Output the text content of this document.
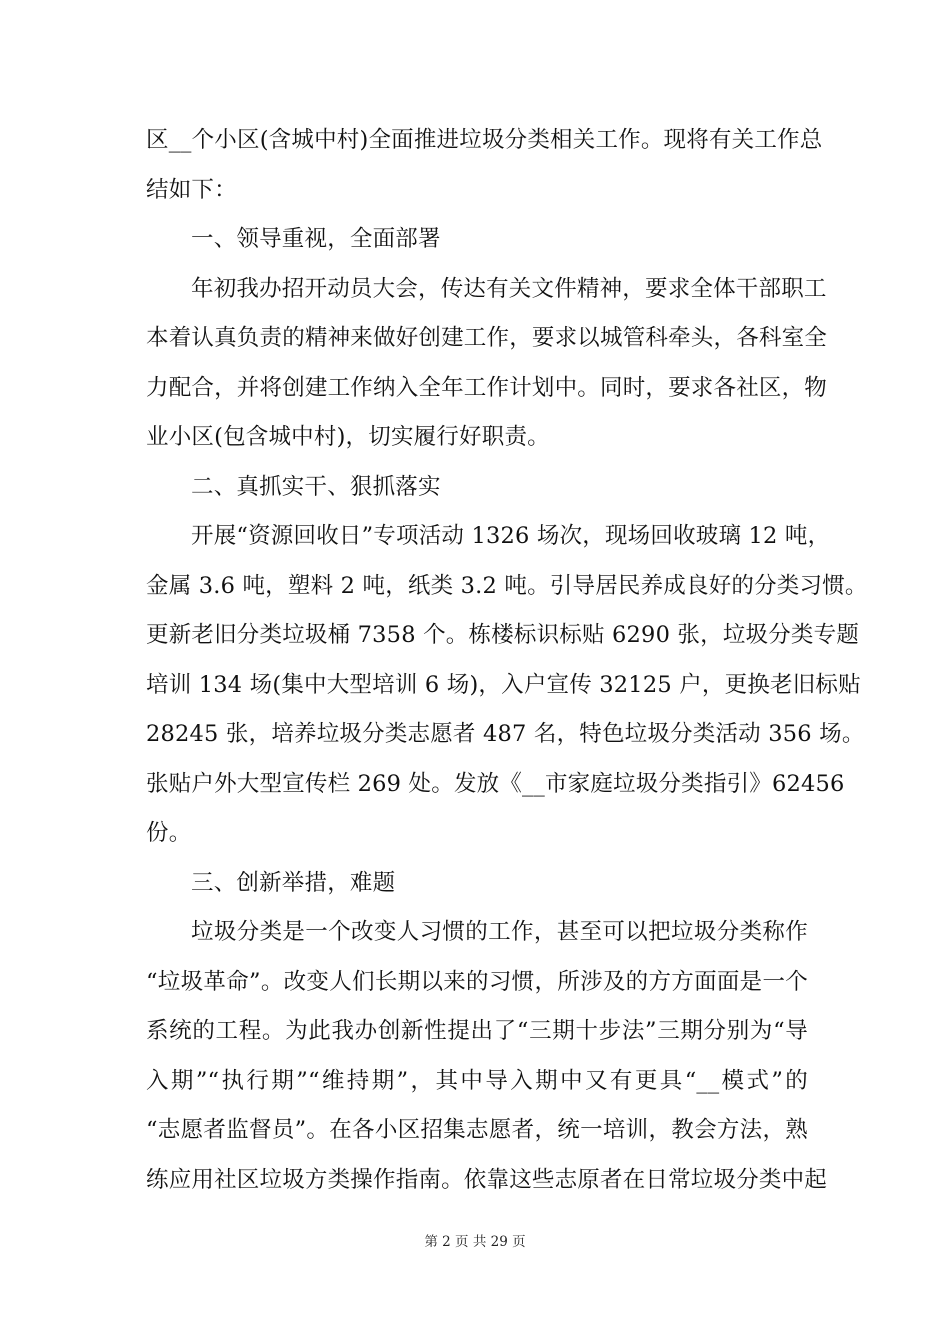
区__个小区(含城中村)全面推进垃圾分类相关工作。现将有关工作总
结如下：
一、领导重视，全面部署
年初我办招开动员大会，传达有关文件精神，要求全体干部职工
本着认真负责的精神来做好创建工作，要求以城管科牵头，各科室全
力配合，并将创建工作纳入全年工作计划中。同时，要求各社区，物
业小区(包含城中村)，切实履行好职责。
二、真抓实干、狠抓落实
开展“资源回收日”专项活动 1326 场次，现场回收玻璃 12 吨，
金属 3.6 吨，塑料 2 吨，纸类 3.2 吨。引导居民养成良好的分类习惯。
更新老旧分类垃圾桶 7358 个。栋楼标识标贴 6290 张，垃圾分类专题
培训 134 场(集中大型培训 6 场)，入户宣传 32125 户，更换老旧标贴
28245 张，培养垃圾分类志愿者 487 名，特色垃圾分类活动 356 场。
张贴户外大型宣传栏 269 处。发放《__市家庭垃圾分类指引》62456
份。
三、创新举措，难题
垃圾分类是一个改变人习惯的工作，甚至可以把垃圾分类称作
“垃圾革命”。改变人们长期以来的习惯，所涉及的方方面面是一个
系统的工程。为此我办创新性提出了“三期十步法”三期分别为“导
入期”“执行期”“维持期”，其中导入期中又有更具“__模式”的
“志愿者监督员”。在各小区招集志愿者，统一培训，教会方法，熟
练应用社区垃圾方类操作指南。依靠这些志原者在日常垃圾分类中起
第 2 页 共 29 页
